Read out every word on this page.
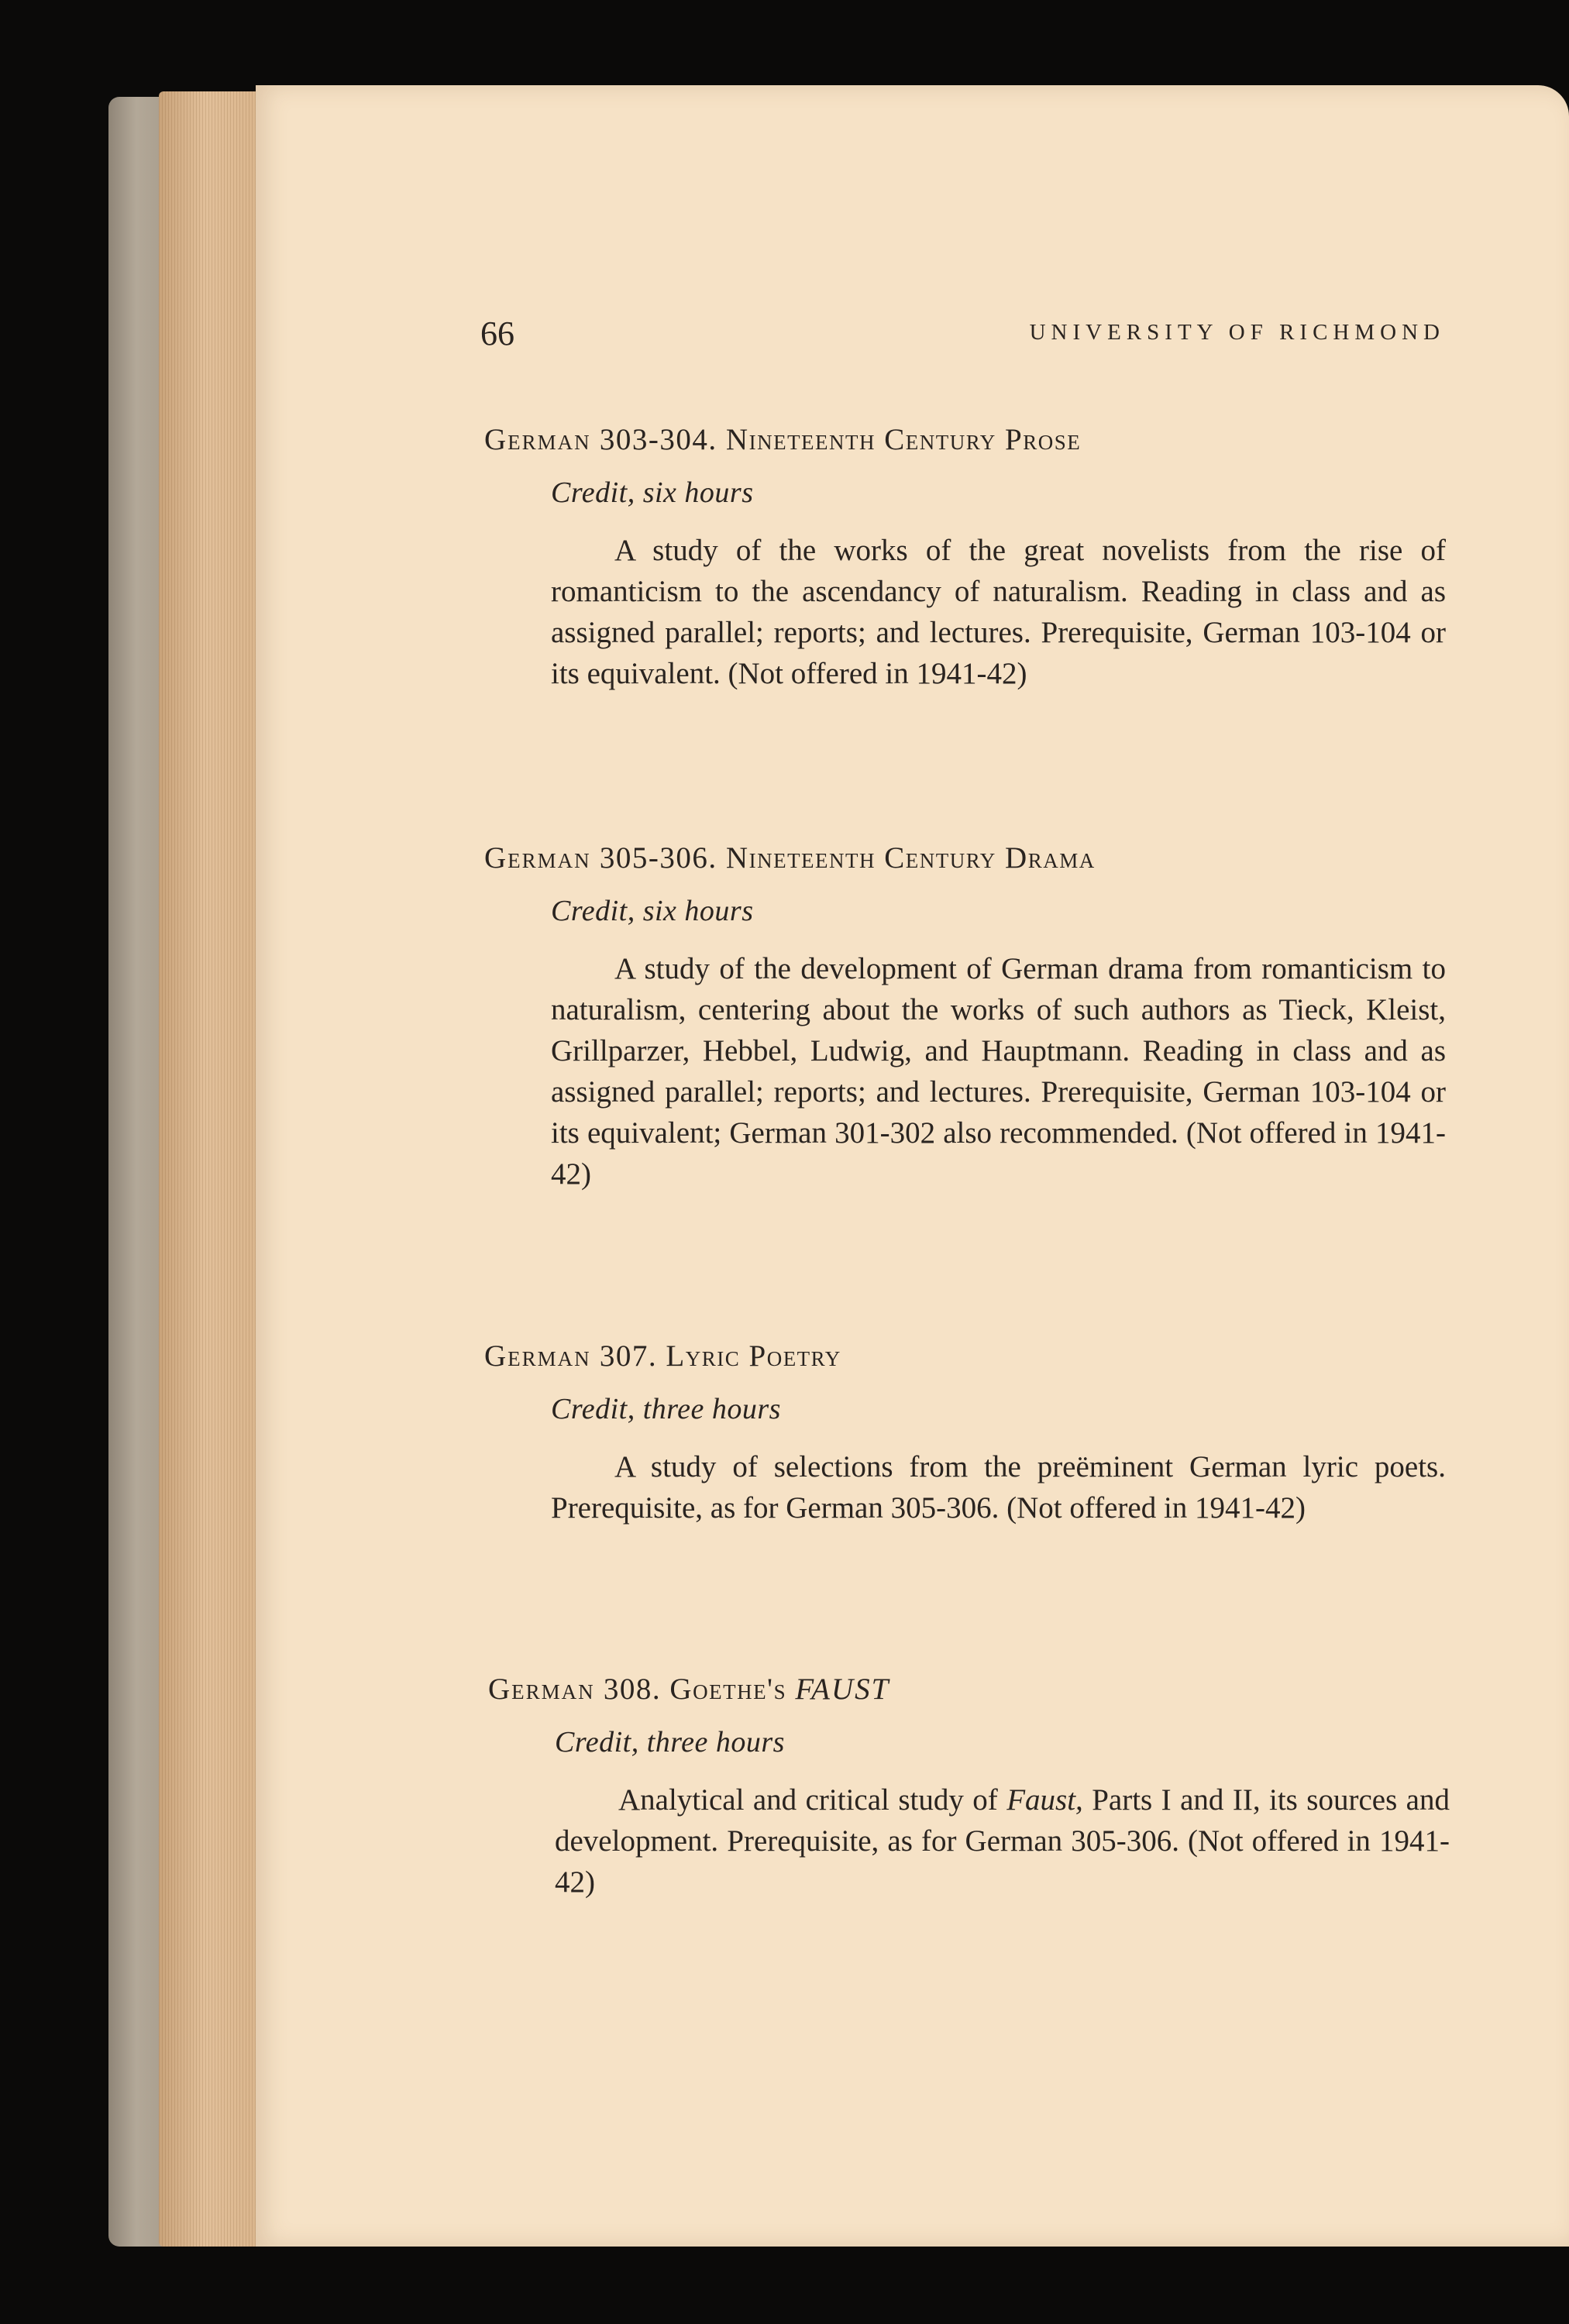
66	UNIVERSITY OF RICHMOND
German 303-304. Nineteenth Century Prose
Credit, six hours
A study of the works of the great novelists from the rise of romanticism to the ascendancy of naturalism. Reading in class and as assigned parallel; reports; and lectures. Prerequisite, German 103-104 or its equivalent. (Not offered in 1941-42)
German 305-306. Nineteenth Century Drama
Credit, six hours
A study of the development of German drama from romanticism to naturalism, centering about the works of such authors as Tieck, Kleist, Grillparzer, Hebbel, Ludwig, and Hauptmann. Reading in class and as assigned parallel; reports; and lectures. Prerequisite, German 103-104 or its equivalent; German 301-302 also recommended. (Not offered in 1941-42)
German 307. Lyric Poetry
Credit, three hours
A study of selections from the preëminent German lyric poets. Prerequisite, as for German 305-306. (Not offered in 1941-42)
German 308. Goethe's FAUST
Credit, three hours
Analytical and critical study of Faust, Parts I and II, its sources and development. Prerequisite, as for German 305-306. (Not offered in 1941-42)
